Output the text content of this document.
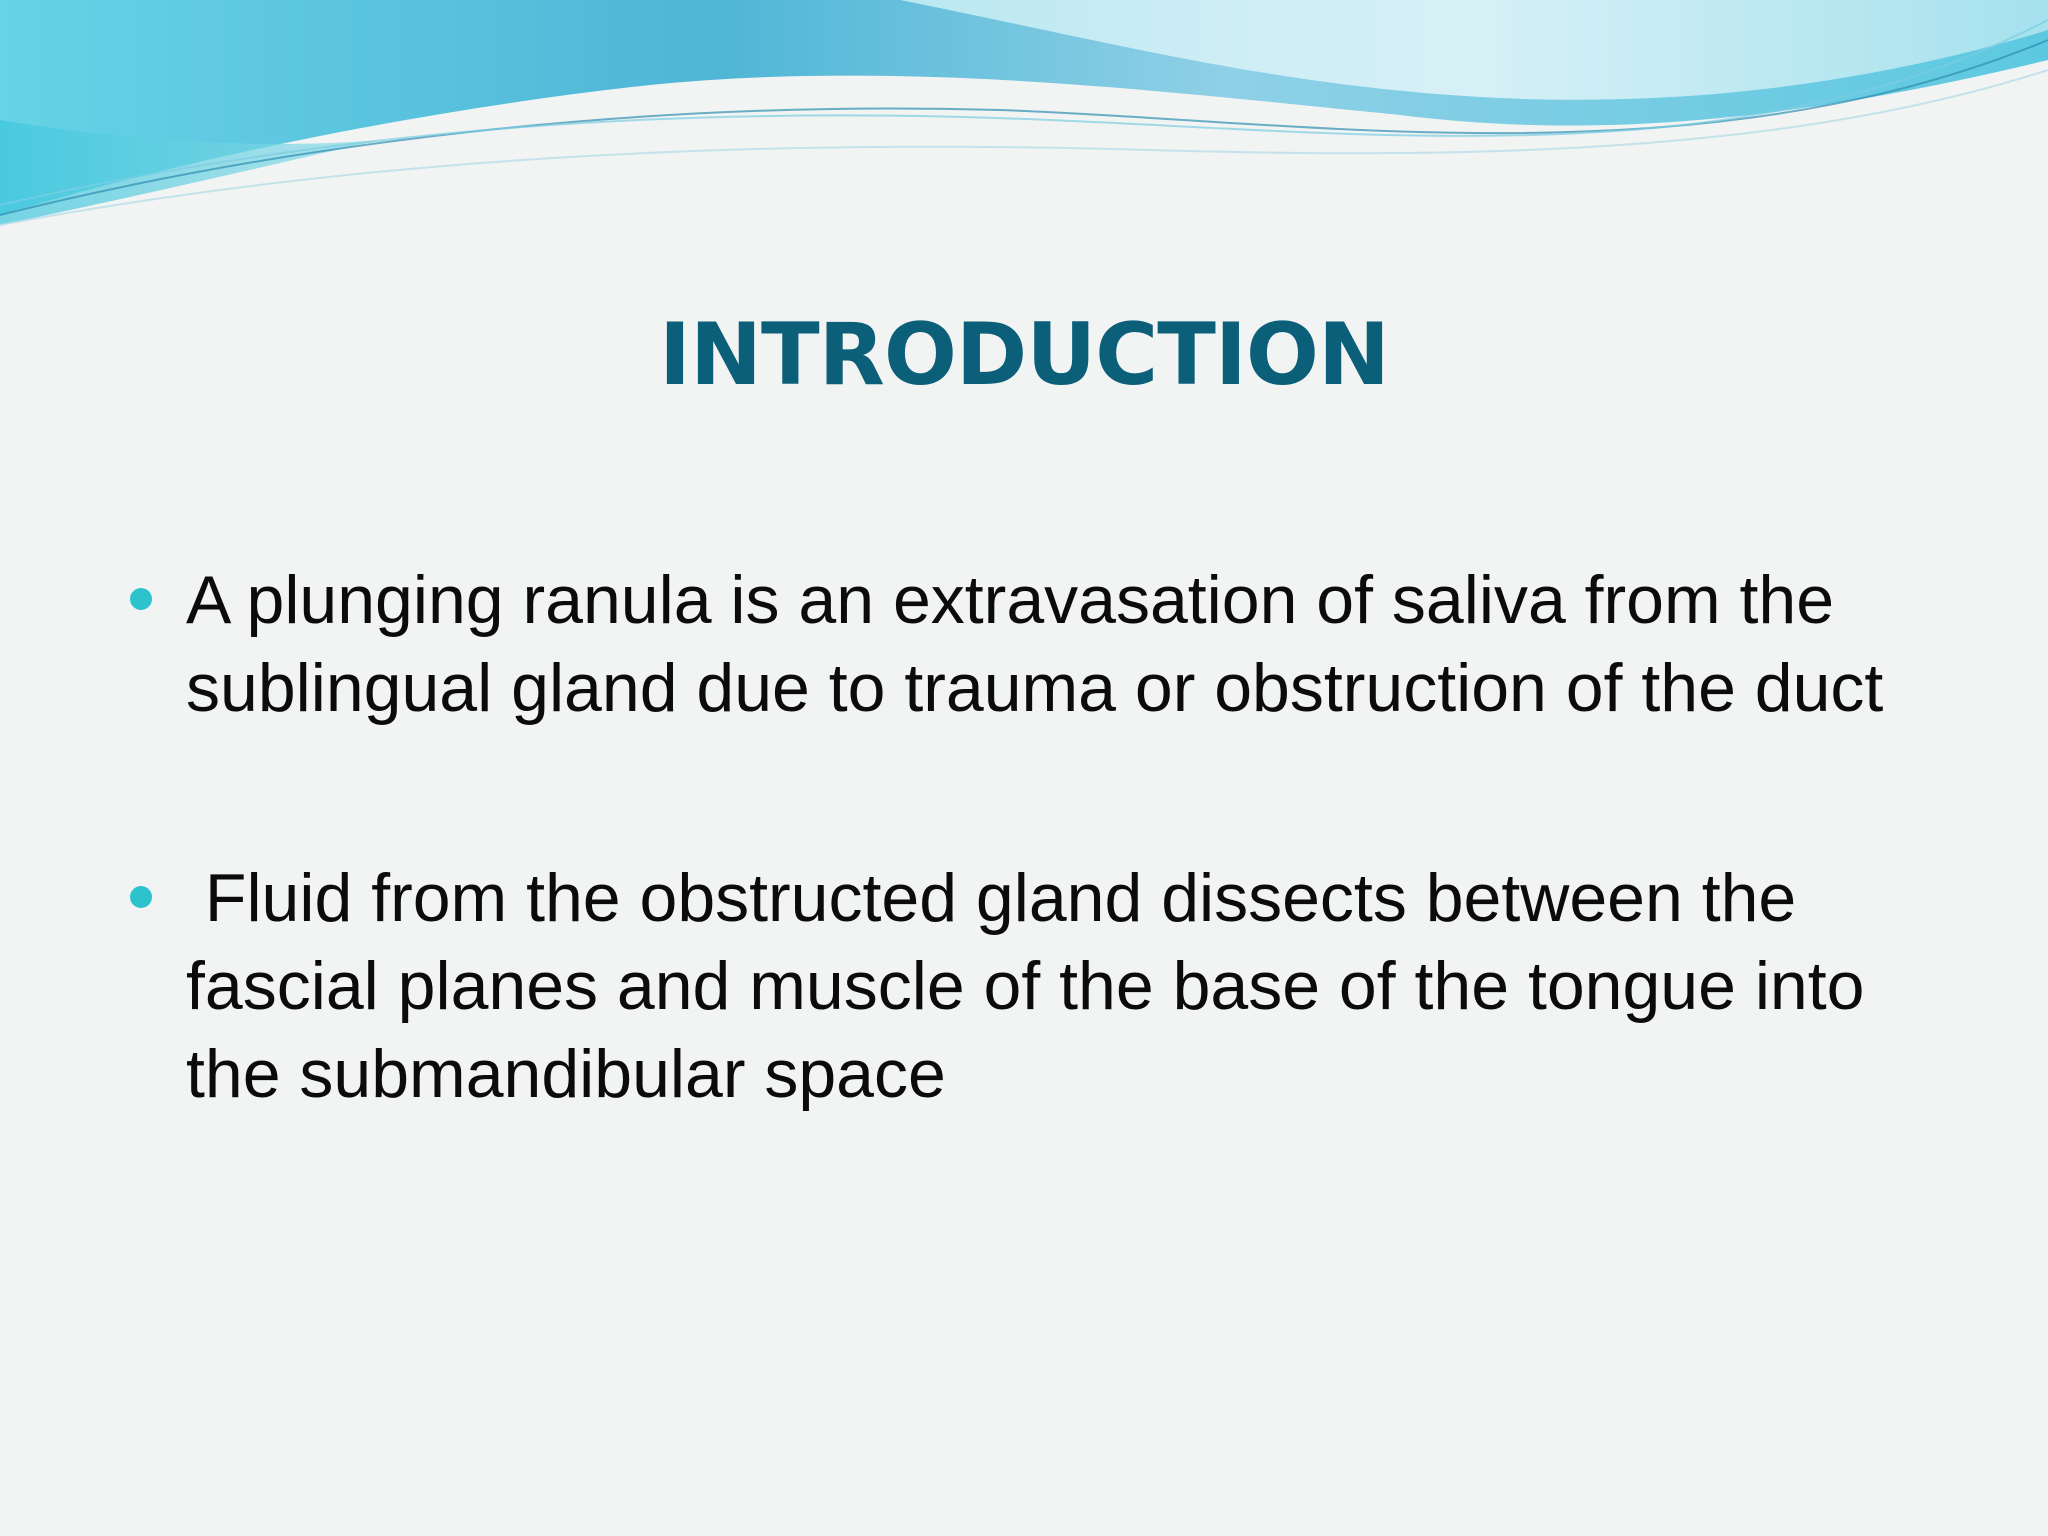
INTRODUCTION
A plunging ranula is an extravasation of saliva from the sublingual gland due to trauma or obstruction of the duct
Fluid from the obstructed gland dissects between the fascial planes and muscle of the base of the tongue into the submandibular space
